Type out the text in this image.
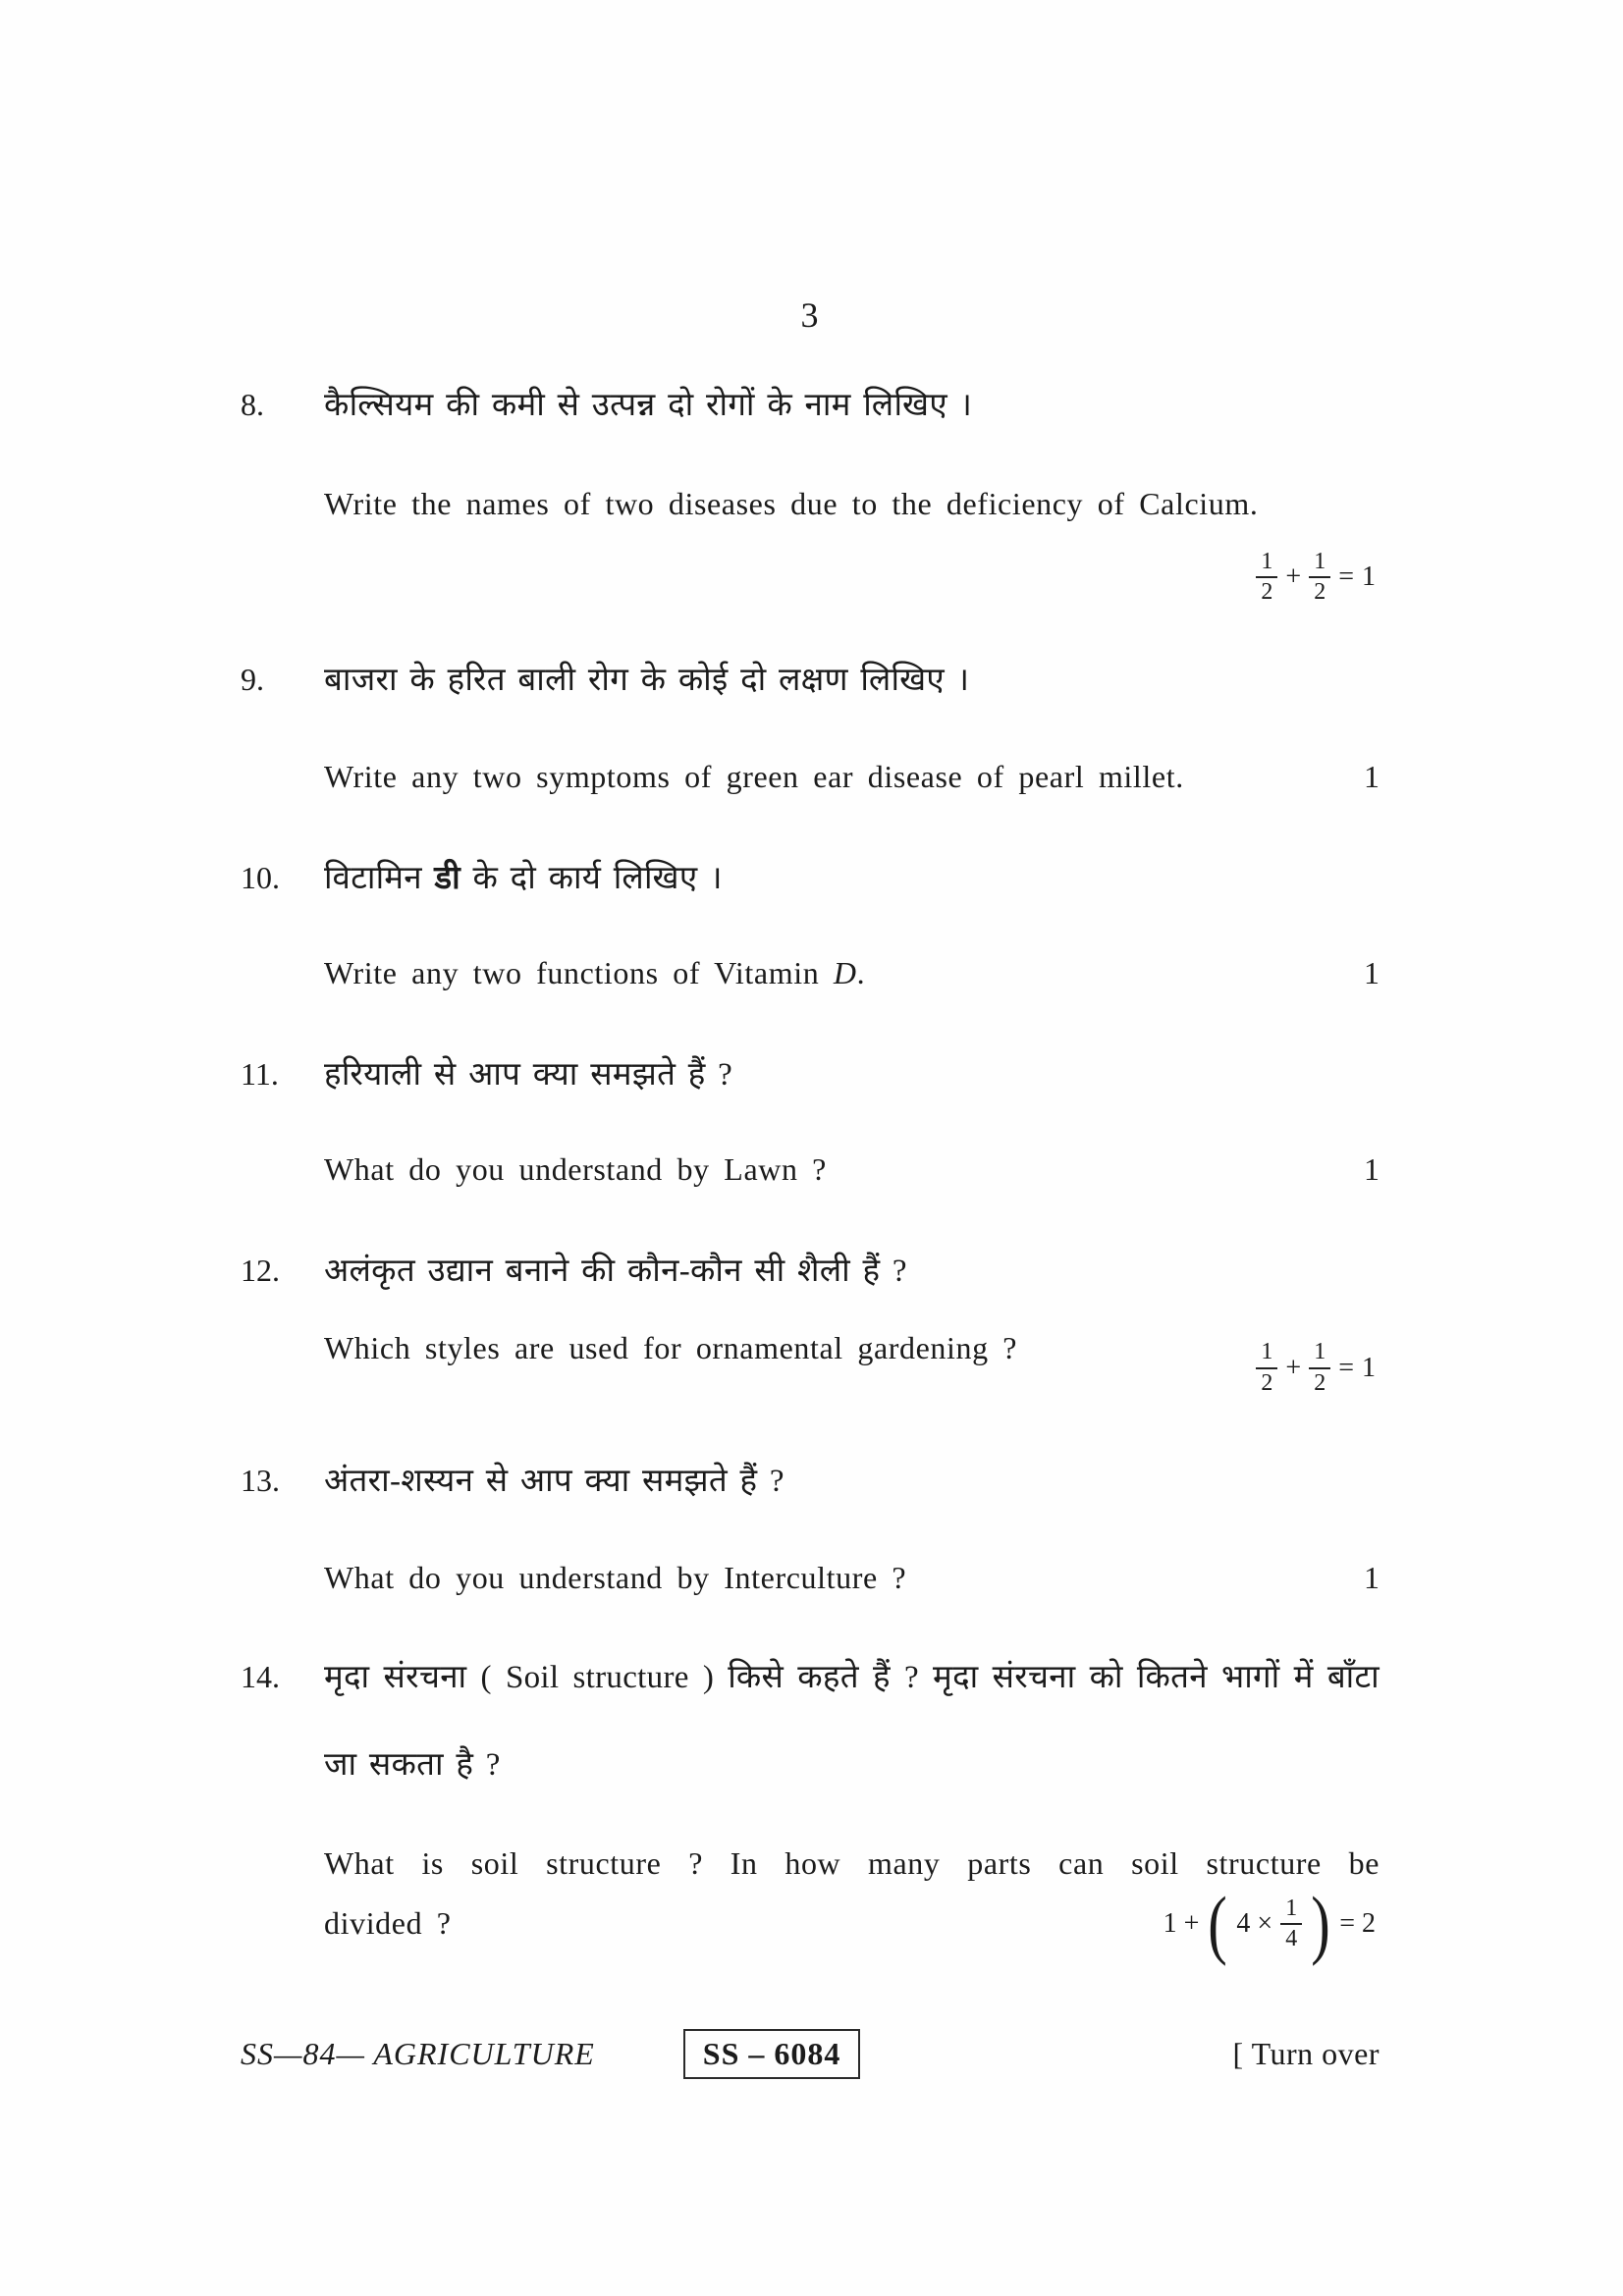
3
8.	कैल्सियम की कमी से उत्पन्न दो रोगों के नाम लिखिए ।
Write the names of two diseases due to the deficiency of Calcium.
$\frac{1}{2} + \frac{1}{2} = 1$
9.	बाजरा के हरित बाली रोग के कोई दो लक्षण लिखिए ।
Write any two symptoms of green ear disease of pearl millet.	1
10.	विटामिन डी के दो कार्य लिखिए ।
Write any two functions of Vitamin D.	1
11.	हरियाली से आप क्या समझते हैं ?
What do you understand by Lawn ?	1
12.	अलंकृत उद्यान बनाने की कौन-कौन सी शैली हैं ?
Which styles are used for ornamental gardening ?	$\frac{1}{2} + \frac{1}{2} = 1$
13.	अंतरा-शस्यन से आप क्या समझते हैं ?
What do you understand by Interculture ?	1
14.	मृदा संरचना ( Soil structure ) किसे कहते हैं ? मृदा संरचना को कितने भागों में बाँटा
जा सकता है ?
What is soil structure ? In how many parts can soil structure be
divided ?	1 + ( $4 \times \frac{1}{4}$ ) = 2
SS—84— AGRICULTURE	SS – 6084	[ Turn over
